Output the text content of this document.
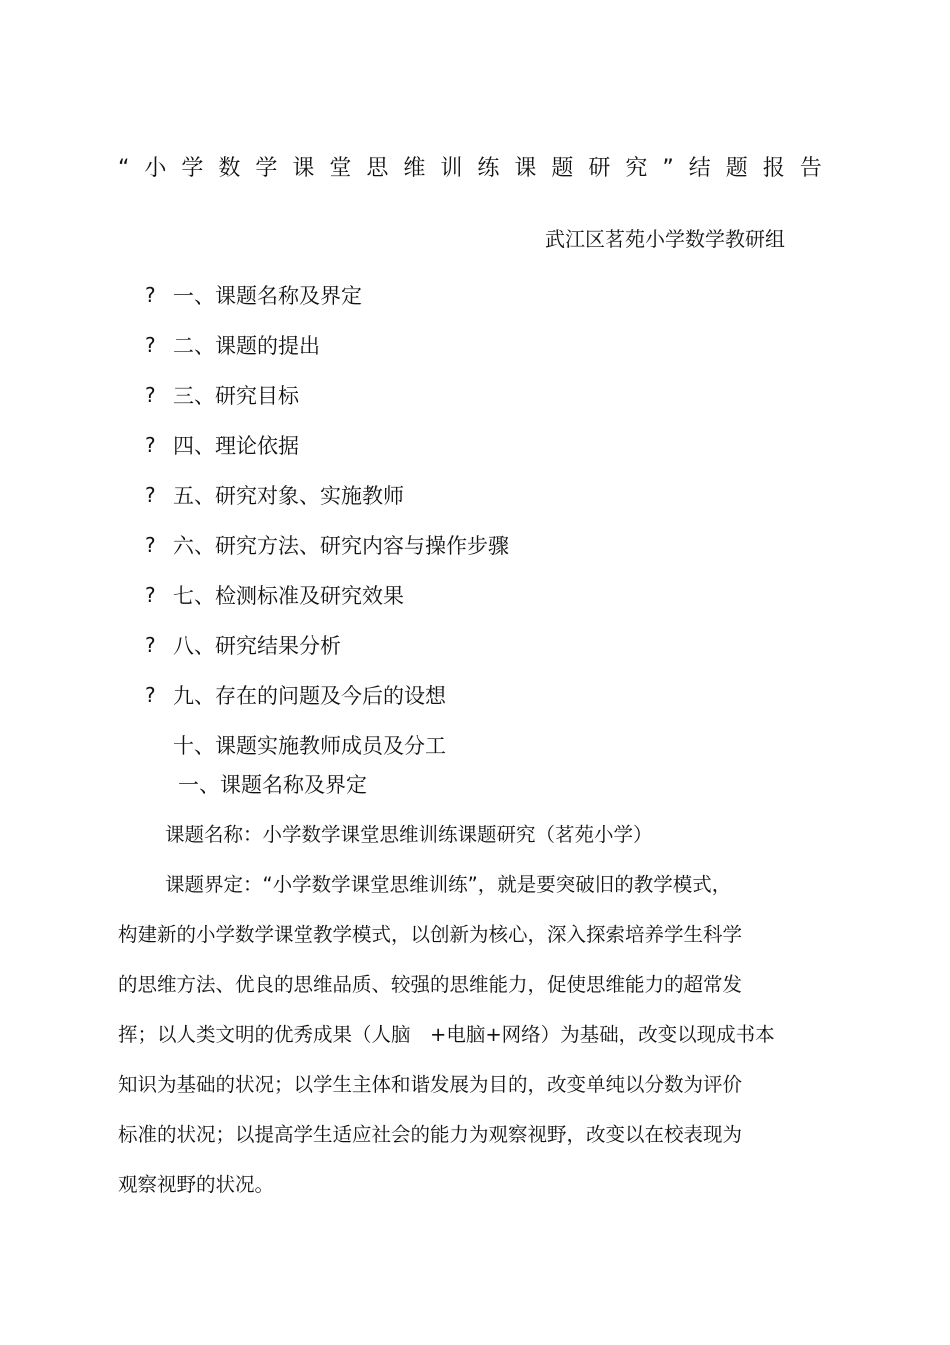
“小学数学课堂思维训练课题研究”结题报告
武江区茗苑小学数学教研组
? 一、课题名称及界定
? 二、课题的提出
? 三、研究目标
? 四、理论依据
? 五、研究对象、实施教师
? 六、研究方法、研究内容与操作步骤
? 七、检测标准及研究效果
? 八、研究结果分析
? 九、存在的问题及今后的设想
十、课题实施教师成员及分工
一、课题名称及界定
课题名称：小学数学课堂思维训练课题研究（茗苑小学）
课题界定：“小学数学课堂思维训练”，就是要突破旧的教学模式，
构建新的小学数学课堂教学模式，以创新为核心，深入探索培养学生科学
的思维方法、优良的思维品质、较强的思维能力，促使思维能力的超常发
挥；以人类文明的优秀成果（人脑　+电脑+网络）为基础，改变以现成书本
知识为基础的状况；以学生主体和谐发展为目的，改变单纯以分数为评价
标准的状况；以提高学生适应社会的能力为观察视野，改变以在校表现为
观察视野的状况。
